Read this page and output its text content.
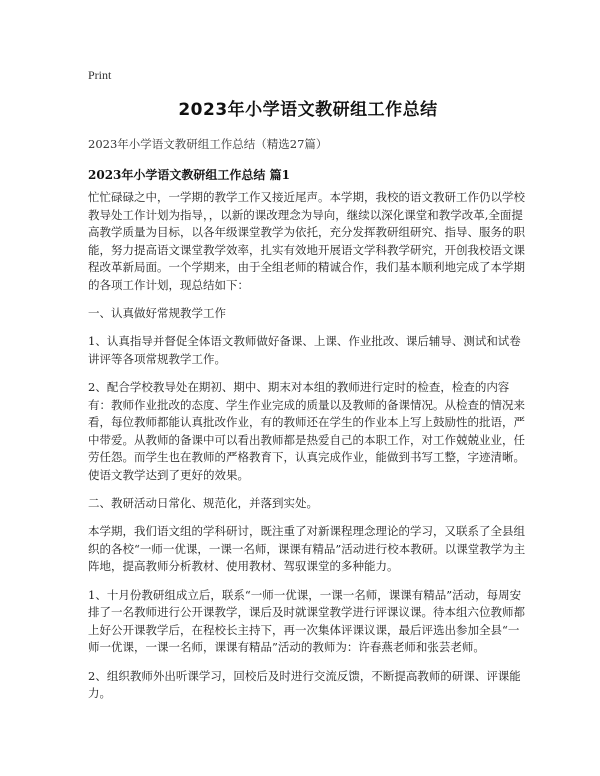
Print
2023年小学语文教研组工作总结
2023年小学语文教研组工作总结（精选27篇）
2023年小学语文教研组工作总结 篇1

忙忙碌碌之中，一学期的教学工作又接近尾声。本学期，我校的语文教研工作仍以学校教导处工作计划为指导，，以新的课改理念为导向，继续以深化课堂和教学改革,全面提高教学质量为目标，以各年级课堂教学为依托，充分发挥教研组研究、指导、服务的职能，努力提高语文课堂教学效率，扎实有效地开展语文学科教学研究，开创我校语文课程改革新局面。一个学期来，由于全组老师的精诚合作，我们基本顺利地完成了本学期的各项工作计划，现总结如下：

一、认真做好常规教学工作

1、认真指导并督促全体语文教师做好备课、上课、作业批改、课后辅导、测试和试卷讲评等各项常规教学工作。

2、配合学校教导处在期初、期中、期末对本组的教师进行定时的检查，检查的内容有：教师作业批改的态度、学生作业完成的质量以及教师的备课情况。从检查的情况来看，每位教师都能认真批改作业，有的教师还在学生的作业本上写上鼓励性的批语，严中带爱。从教师的备课中可以看出教师都是热爱自己的本职工作，对工作兢兢业业，任劳任怨。而学生也在教师的严格教育下，认真完成作业，能做到书写工整，字迹清晰。使语文教学达到了更好的效果。

二、教研活动日常化、规范化，并落到实处。

本学期，我们语文组的学科研讨，既注重了对新课程理念理论的学习，又联系了全县组织的各校“一师一优课，一课一名师，课课有精品”活动进行校本教研。以课堂教学为主阵地，提高教师分析教材、使用教材、驾驭课堂的多种能力。

1、十月份教研组成立后，联系“一师一优课，一课一名师，课课有精品”活动，每周安排了一名教师进行公开课教学，课后及时就课堂教学进行评课议课。待本组六位教师都上好公开课教学后，在程校长主持下，再一次集体评课议课，最后评选出参加全县“一师一优课，一课一名师，课课有精品”活动的教师为：许春燕老师和张芸老师。

2、组织教师外出听课学习，回校后及时进行交流反馈，不断提高教师的研课、评课能力。
